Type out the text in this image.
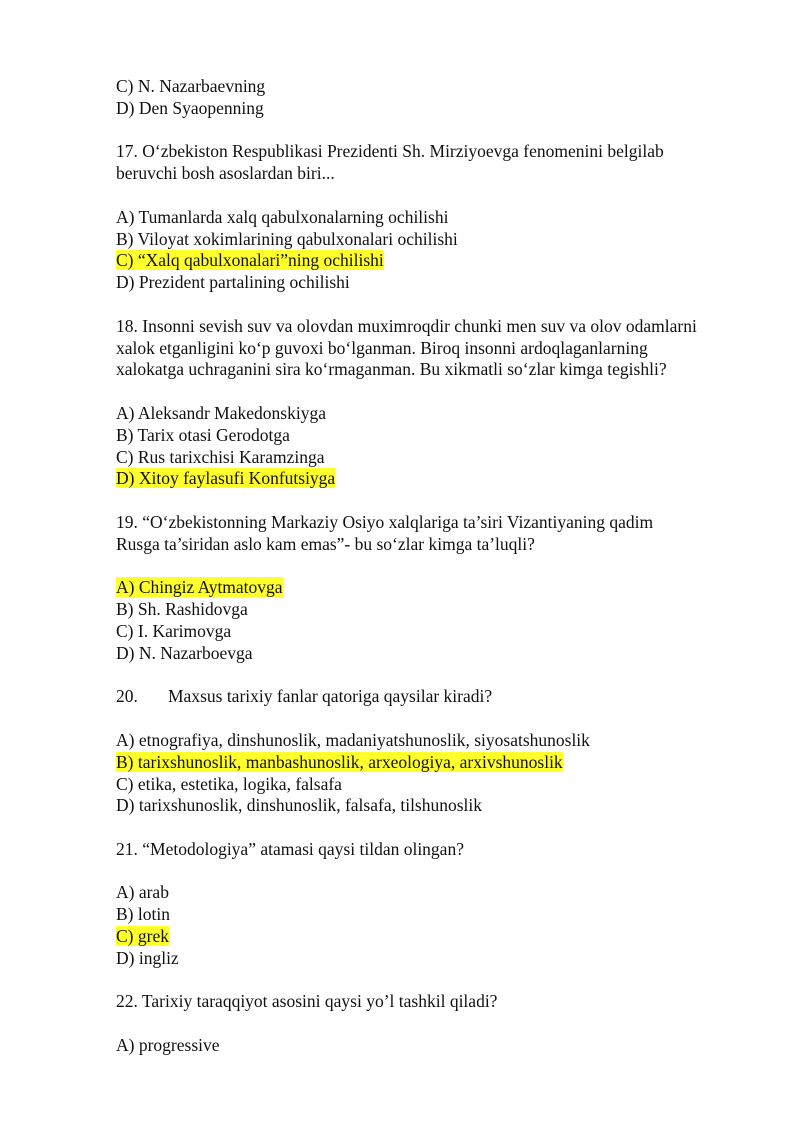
C) N. Nazarbaevning
D) Den Syaopenning
17. O‘zbekiston Respublikasi Prezidenti Sh. Mirziyoevga fenomenini belgilab
beruvchi bosh asoslardan biri...
A) Tumanlarda xalq qabulxonalarning ochilishi
B) Viloyat xokimlarining qabulxonalari ochilishi
C) “Xalq qabulxonalari”ning ochilishi
D) Prezident partalining ochilishi
18. Insonni sevish suv va olovdan muximroqdir chunki men suv va olov odamlarni
xalok etganligini ko‘p guvoxi bo‘lganman. Biroq insonni ardoqlaganlarning
xalokatga uchraganini sira ko‘rmaganman. Bu xikmatli so‘zlar kimga tegishli?
A) Aleksandr Makedonskiyga
B) Tarix otasi Gerodotga
C) Rus tarixchisi Karamzinga
D) Xitoy faylasufi Konfutsiyga
19. “O‘zbekistonning Markaziy Osiyo xalqlariga ta’siri Vizantiyaning qadim
Rusga ta’siridan aslo kam emas”- bu so‘zlar kimga ta’luqli?
A) Chingiz Aytmatovga
B) Sh. Rashidovga
C) I. Karimovga
D) N. Nazarboevga
20. Maxsus tarixiy fanlar qatoriga qaysilar kiradi?
A) etnografiya, dinshunoslik, madaniyatshunoslik, siyosatshunoslik
B) tarixshunoslik, manbashunoslik, arxeologiya, arxivshunoslik
C) etika, estetika, logika, falsafa
D) tarixshunoslik, dinshunoslik, falsafa, tilshunoslik
21. “Metodologiya” atamasi qaysi tildan olingan?
A) arab
B) lotin
C) grek
D) ingliz
22. Tarixiy taraqqiyot asosini qaysi yo’l tashkil qiladi?
A) progressive
